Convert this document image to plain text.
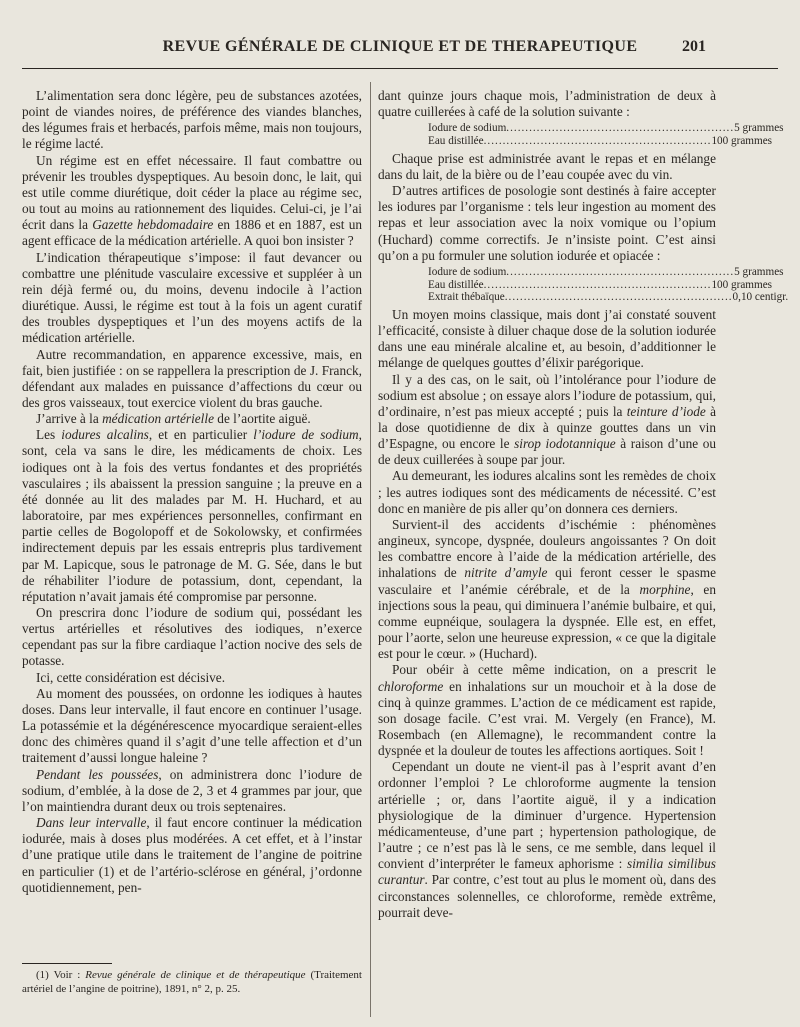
REVUE GÉNÉRALE DE CLINIQUE ET DE THERAPEUTIQUE	201

L’alimentation sera donc légère, peu de substances azotées, point de viandes noires, de préférence des viandes blanches, des légumes frais et herbacés, parfois même, mais non toujours, le régime lacté.

Un régime est en effet nécessaire. Il faut combattre ou prévenir les troubles dyspeptiques. Au besoin donc, le lait, qui est utile comme diurétique, doit céder la place au régime sec, ou tout au moins au rationnement des liquides. Celui-ci, je l’ai écrit dans la Gazette hebdomadaire en 1886 et en 1887, est un agent efficace de la médication artérielle. A quoi bon insister ?

L’indication thérapeutique s’impose: il faut devancer ou combattre une plénitude vasculaire excessive et suppléer à un rein déjà fermé ou, du moins, devenu indocile à l’action diurétique. Aussi, le régime est tout à la fois un agent curatif des troubles dyspeptiques et l’un des moyens actifs de la médication artérielle.

Autre recommandation, en apparence excessive, mais, en fait, bien justifiée : on se rappellera la prescription de J. Franck, défendant aux malades en puissance d’affections du cœur ou des gros vaisseaux, tout exercice violent du bras gauche.

J’arrive à la médication artérielle de l’aortite aiguë.

Les iodures alcalins, et en particulier l’iodure de sodium, sont, cela va sans le dire, les médicaments de choix. Les iodiques ont à la fois des vertus fondantes et des propriétés vasculaires ; ils abaissent la pression sanguine ; la preuve en a été donnée au lit des malades par M. H. Huchard, et au laboratoire, par mes expériences personnelles, confirmant en partie celles de Bogolopoff et de Sokolowsky, et confirmées indirectement depuis par les essais entrepris plus tardivement par M. Lapicque, sous le patronage de M. G. Sée, dans le but de réhabiliter l’iodure de potassium, dont, cependant, la réputation n’avait jamais été compromise par personne.

On prescrira donc l’iodure de sodium qui, possédant les vertus artérielles et résolutives des iodiques, n’exerce cependant pas sur la fibre cardiaque l’action nocive des sels de potasse.

Ici, cette considération est décisive.

Au moment des poussées, on ordonne les iodiques à hautes doses. Dans leur intervalle, il faut encore en continuer l’usage. La potassémie et la dégénérescence myocardique seraient-elles donc des chimères quand il s’agit d’une telle affection et d’un traitement d’aussi longue haleine ?

Pendant les poussées, on administrera donc l’iodure de sodium, d’emblée, à la dose de 2, 3 et 4 grammes par jour, que l’on maintiendra durant deux ou trois septenaires.

Dans leur intervalle, il faut encore continuer la médication iodurée, mais à doses plus modérées. A cet effet, et à l’instar d’une pratique utile dans le traitement de l’angine de poitrine en particulier (1) et de l’artério-sclérose en général, j’ordonne quotidiennement, pen-

dant quinze jours chaque mois, l’administration de deux à quatre cuillerées à café de la solution suivante :

Iodure de sodium ............................................................ 5 grammes
Eau distillée ............................................................ 100 grammes

Chaque prise est administrée avant le repas et en mélange dans du lait, de la bière ou de l’eau coupée avec du vin.

D’autres artifices de posologie sont destinés à faire accepter les iodures par l’organisme : tels leur ingestion au moment des repas et leur association avec la noix vomique ou l’opium (Huchard) comme correctifs. Je n’insiste point. C’est ainsi qu’on a pu formuler une solution iodurée et opiacée :

Iodure de sodium ............................................................ 5 grammes
Eau distillée ............................................................ 100 grammes
Extrait thébaïque ............................................................ 0,10 centigr.

Un moyen moins classique, mais dont j’ai constaté souvent l’efficacité, consiste à diluer chaque dose de la solution iodurée dans une eau minérale alcaline et, au besoin, d’additionner le mélange de quelques gouttes d’élixir parégorique.

Il y a des cas, on le sait, où l’intolérance pour l’iodure de sodium est absolue ; on essaye alors l’iodure de potassium, qui, d’ordinaire, n’est pas mieux accepté ; puis la teinture d’iode à la dose quotidienne de dix à quinze gouttes dans un vin d’Espagne, ou encore le sirop iodotannique à raison d’une ou de deux cuillerées à soupe par jour.

Au demeurant, les iodures alcalins sont les remèdes de choix ; les autres iodiques sont des médicaments de nécessité. C’est donc en manière de pis aller qu’on donnera ces derniers.

Survient-il des accidents d’ischémie : phénomènes angineux, syncope, dyspnée, douleurs angoissantes ? On doit les combattre encore à l’aide de la médication artérielle, des inhalations de nitrite d’amyle qui feront cesser le spasme vasculaire et l’anémie cérébrale, et de la morphine, en injections sous la peau, qui diminuera l’anémie bulbaire, et qui, comme eupnéique, soulagera la dyspnée. Elle est, en effet, pour l’aorte, selon une heureuse expression, « ce que la digitale est pour le cœur. » (Huchard).

Pour obéir à cette même indication, on a prescrit le chloroforme en inhalations sur un mouchoir et à la dose de cinq à quinze grammes. L’action de ce médicament est rapide, son dosage facile. C’est vrai. M. Vergely (en France), M. Rosembach (en Allemagne), le recommandent contre la dyspnée et la douleur de toutes les affections aortiques. Soit !

Cependant un doute ne vient-il pas à l’esprit avant d’en ordonner l’emploi ? Le chloroforme augmente la tension artérielle ; or, dans l’aortite aiguë, il y a indication physiologique de la diminuer d’urgence. Hypertension médicamenteuse, d’une part ; hypertension pathologique, de l’autre ; ce n’est pas là le sens, ce me semble, dans lequel il convient d’interpréter le fameux aphorisme : similia similibus curantur. Par contre, c’est tout au plus le moment où, dans des circonstances solennelles, ce chloroforme, remède extrême, pourrait deve-

(1) Voir : Revue générale de clinique et de thérapeutique (Traitement artériel de l’angine de poitrine), 1891, n° 2, p. 25.
